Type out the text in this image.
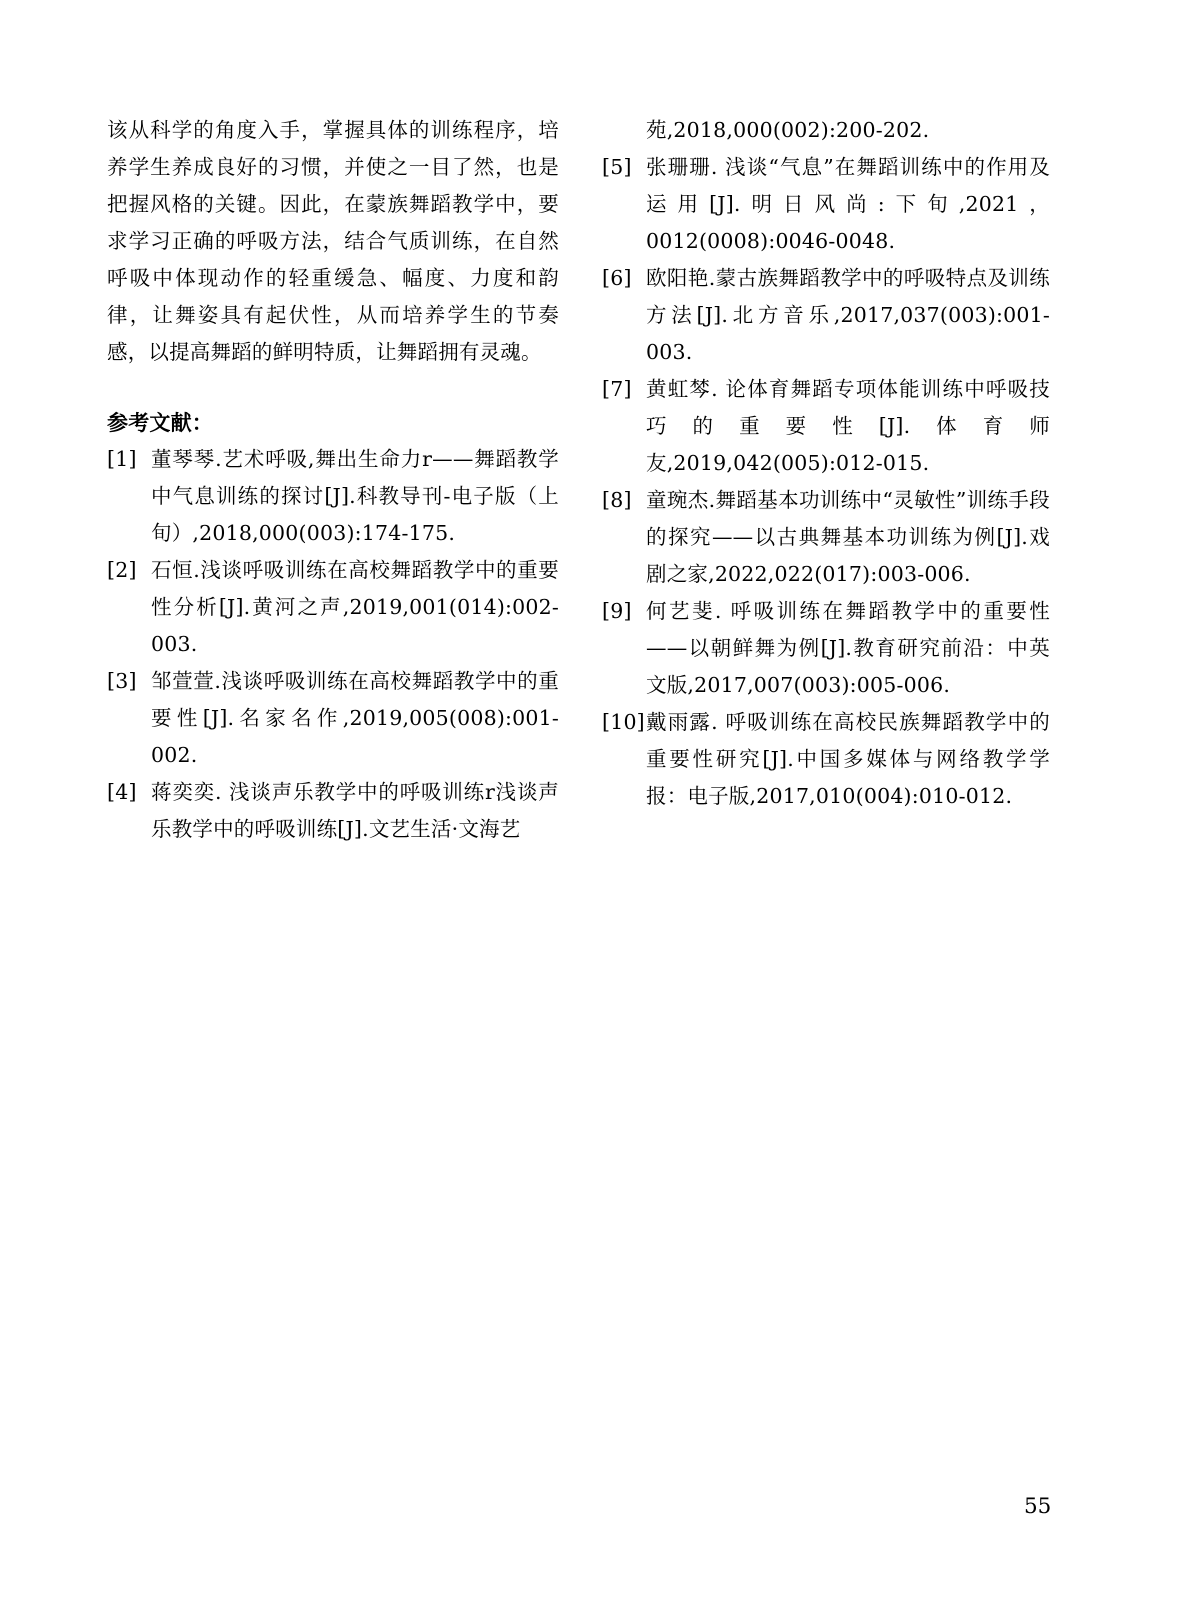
该从科学的角度入手，掌握具体的训练程序，培养学生养成良好的习惯，并使之一目了然，也是把握风格的关键。因此，在蒙族舞蹈教学中，要求学习正确的呼吸方法，结合气质训练，在自然呼吸中体现动作的轻重缓急、幅度、力度和韵律，让舞姿具有起伏性，从而培养学生的节奏感，以提高舞蹈的鲜明特质，让舞蹈拥有灵魂。

参考文献：
[1] 董琴琴.艺术呼吸,舞出生命力r——舞蹈教学中气息训练的探讨[J].科教导刊-电子版（上旬）,2018,000(003):174-175.
[2] 石恒.浅谈呼吸训练在高校舞蹈教学中的重要性分析[J].黄河之声,2019,001(014):002-003.
[3] 邹萱萱.浅谈呼吸训练在高校舞蹈教学中的重要性[J].名家名作,2019,005(008):001-002.
[4] 蒋奕奕. 浅谈声乐教学中的呼吸训练r浅谈声乐教学中的呼吸训练[J].文艺生活·文海艺
苑,2018,000(002):200-202.
[5] 张珊珊. 浅谈“气息”在舞蹈训练中的作用及运用[J].明日风尚:下旬,2021， 0012(0008):0046-0048.
[6] 欧阳艳.蒙古族舞蹈教学中的呼吸特点及训练方法[J].北方音乐,2017,037(003):001-003.
[7] 黄虹棽. 论体育舞蹈专项体能训练中呼吸技巧的重要性[J].体育师友,2019,042(005):012-015.
[8] 童琬杰.舞蹈基本功训练中“灵敏性”训练手段的探究——以古典舞基本功训练为例[J].戏剧之家,2022,022(017):003-006.
[9] 何艺斐. 呼吸训练在舞蹈教学中的重要性——以朝鲜舞为例[J].教育研究前沿：中英文版,2017,007(003):005-006.
[10] 戴雨露. 呼吸训练在高校民族舞蹈教学中的重要性研究[J].中国多媒体与网络教学学报：电子版,2017,010(004):010-012.
55
